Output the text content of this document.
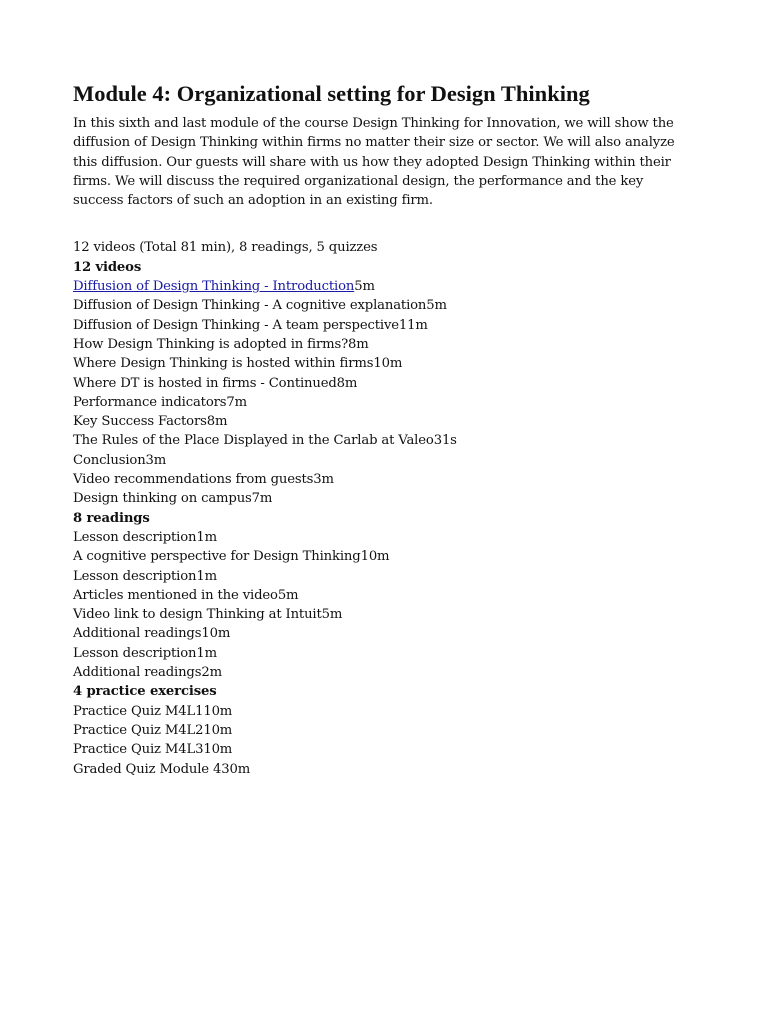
Module 4: Organizational setting for Design Thinking

In this sixth and last module of the course Design Thinking for Innovation, we will show the diffusion of Design Thinking within firms no matter their size or sector. We will also analyze this diffusion. Our guests will share with us how they adopted Design Thinking within their firms. We will discuss the required organizational design, the performance and the key success factors of such an adoption in an existing firm.

12 videos (Total 81 min), 8 readings, 5 quizzes

12 videos
Diffusion of Design Thinking - Introduction5m
Diffusion of Design Thinking - A cognitive explanation5m
Diffusion of Design Thinking - A team perspective11m
How Design Thinking is adopted in firms?8m
Where Design Thinking is hosted within firms10m
Where DT is hosted in firms - Continued8m
Performance indicators7m
Key Success Factors8m
The Rules of the Place Displayed in the Carlab at Valeo31s
Conclusion3m
Video recommendations from guests3m
Design thinking on campus7m
8 readings
Lesson description1m
A cognitive perspective for Design Thinking10m
Lesson description1m
Articles mentioned in the video5m
Video link to design Thinking at Intuit5m
Additional readings10m
Lesson description1m
Additional readings2m
4 practice exercises
Practice Quiz M4L110m
Practice Quiz M4L210m
Practice Quiz M4L310m
Graded Quiz Module 430m
